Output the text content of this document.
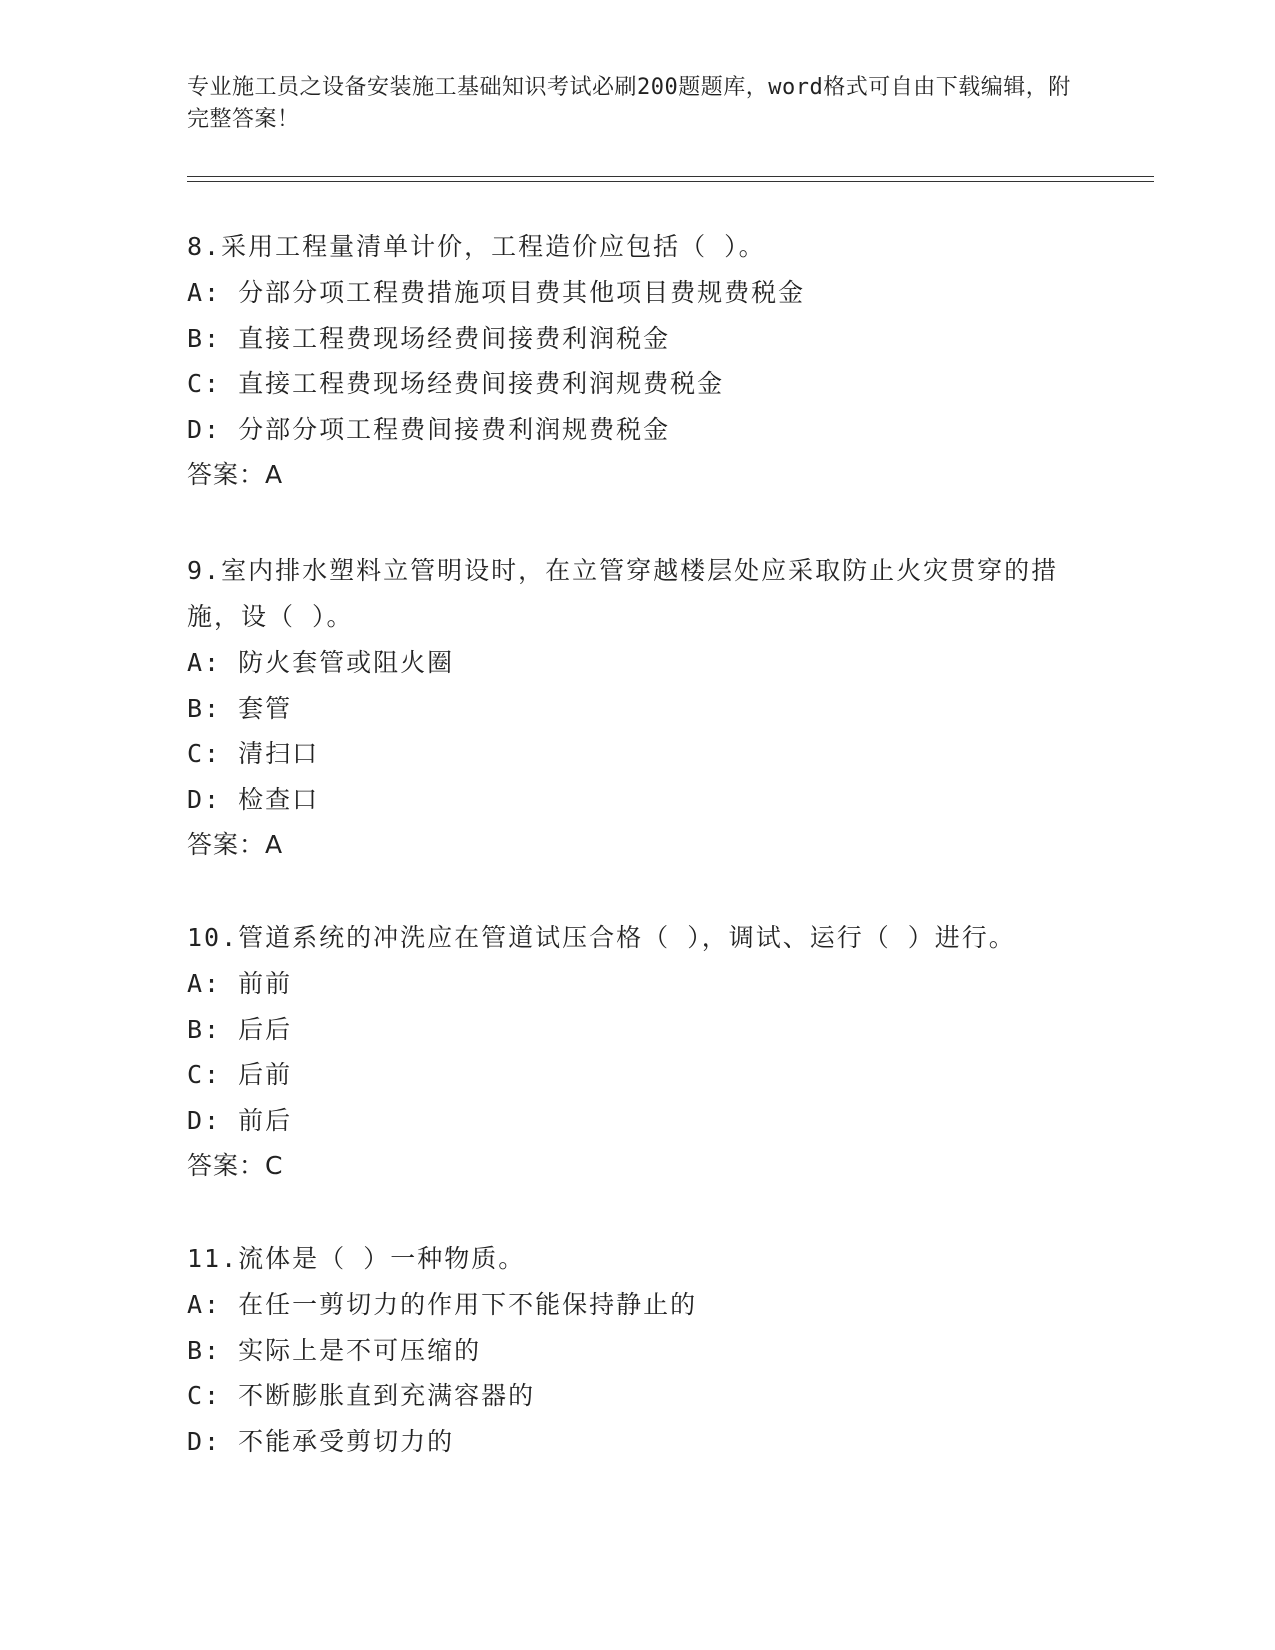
专业施工员之设备安装施工基础知识考试必刷200题题库，word格式可自由下载编辑，附完整答案！

8.采用工程量清单计价，工程造价应包括（ ）。

A: 分部分项工程费措施项目费其他项目费规费税金

B: 直接工程费现场经费间接费利润税金

C: 直接工程费现场经费间接费利润规费税金

D: 分部分项工程费间接费利润规费税金

答案：A

9.室内排水塑料立管明设时，在立管穿越楼层处应采取防止火灾贯穿的措施，设（ ）。

A: 防火套管或阻火圈

B: 套管

C: 清扫口

D: 检查口

答案：A

10.管道系统的冲洗应在管道试压合格（ ），调试、运行（ ）进行。

A: 前前

B: 后后

C: 后前

D: 前后

答案：C

11.流体是（ ）一种物质。

A: 在任一剪切力的作用下不能保持静止的

B: 实际上是不可压缩的

C: 不断膨胀直到充满容器的

D: 不能承受剪切力的
